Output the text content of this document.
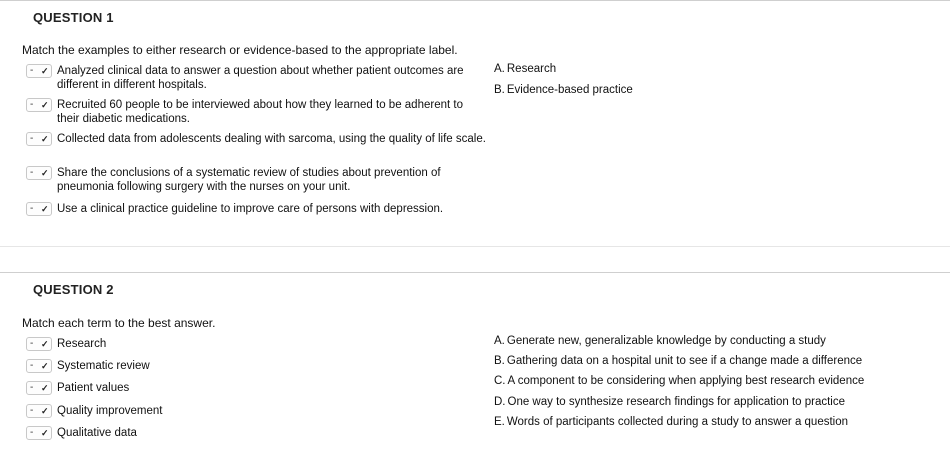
QUESTION 1
Match the examples to either research or evidence-based to the appropriate label.
- ✓ Analyzed clinical data to answer a question about whether patient outcomes are different in different hospitals.
- ✓ Recruited 60 people to be interviewed about how they learned to be adherent to their diabetic medications.
- ✓ Collected data from adolescents dealing with sarcoma, using the quality of life scale.
- ✓ Share the conclusions of a systematic review of studies about prevention of pneumonia following surgery with the nurses on your unit.
- ✓ Use a clinical practice guideline to improve care of persons with depression.
A. Research
B. Evidence-based practice
QUESTION 2
Match each term to the best answer.
- ✓ Research
- ✓ Systematic review
- ✓ Patient values
- ✓ Quality improvement
- ✓ Qualitative data
A. Generate new, generalizable knowledge by conducting a study
B. Gathering data on a hospital unit to see if a change made a difference
C. A component to be considering when applying best research evidence
D. One way to synthesize research findings for application to practice
E. Words of participants collected during a study to answer a question
